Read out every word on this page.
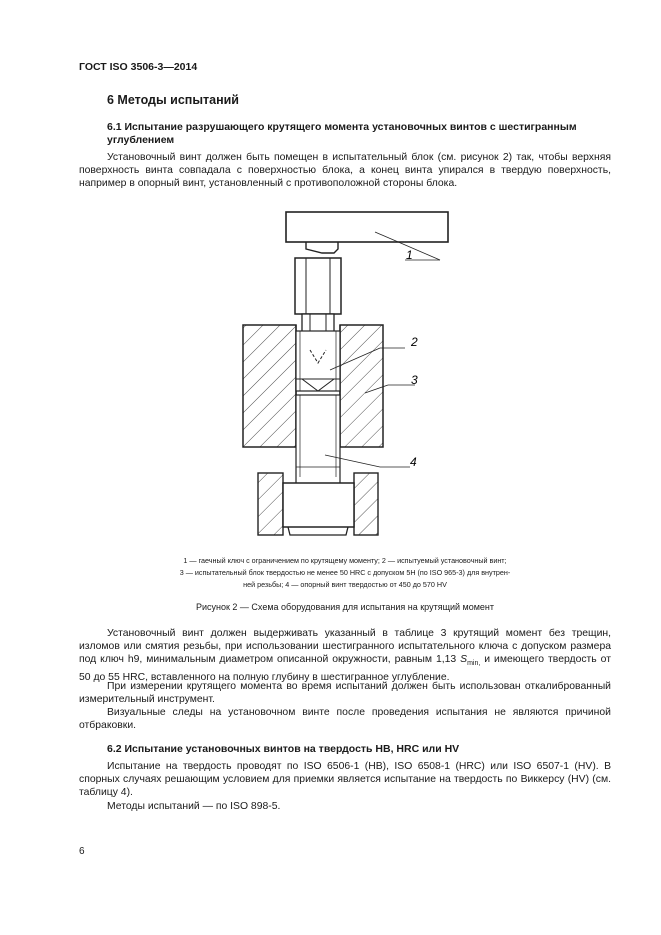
ГОСТ ISO 3506-3—2014
6 Методы испытаний
6.1 Испытание разрушающего крутящего момента установочных винтов с шестигранным углублением

Установочный винт должен быть помещен в испытательный блок (см. рисунок 2) так, чтобы верхняя поверхность винта совпадала с поверхностью блока, а конец винта упирался в твердую поверхность, например в опорный винт, установленный с противоположной стороны блока.

1
2
3
4
1 — гаечный ключ с ограничением по крутящему моменту; 2 — испытуемый установочный винт;
3 — испытательный блок твердостью не менее 50 HRC с допуском 5H (по ISO 965-3) для внутрен-
ней резьбы; 4 — опорный винт твердостью от 450 до 570 HV
Рисунок 2 — Схема оборудования для испытания на крутящий момент

Установочный винт должен выдерживать указанный в таблице 3 крутящий момент без трещин, изломов или смятия резьбы, при использовании шестигранного испытательного ключа с допуском размера под ключ h9, минимальным диаметром описанной окружности, равным 1,13 $S_{min,}$ и имеющего твердость от 50 до 55 HRC, вставленного на полную глубину в шестигранное углубление.

При измерении крутящего момента во время испытаний должен быть использован откалиброванный измерительный инструмент.

Визуальные следы на установочном винте после проведения испытания не являются причиной отбраковки.

6.2 Испытание установочных винтов на твердость HB, HRC или HV

Испытание на твердость проводят по ISO 6506-1 (HB), ISO 6508-1 (HRC) или ISO 6507-1 (HV). В спорных случаях решающим условием для приемки является испытание на твердость по Виккерсу (HV) (см. таблицу 4).

Методы испытаний — по ISO 898-5.

6
